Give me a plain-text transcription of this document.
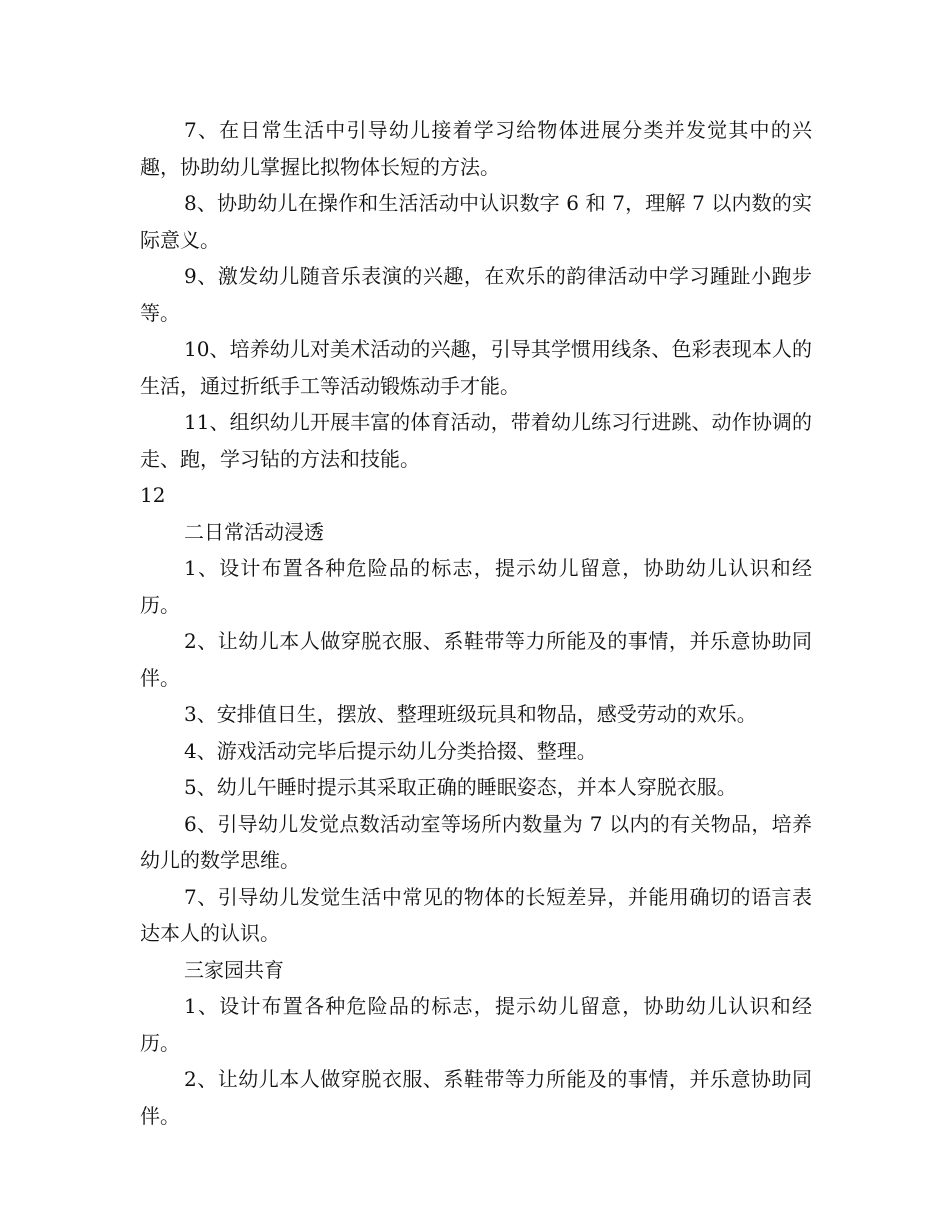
7、在日常生活中引导幼儿接着学习给物体进展分类并发觉其中的兴趣，协助幼儿掌握比拟物体长短的方法。

8、协助幼儿在操作和生活活动中认识数字 6 和 7，理解 7 以内数的实际意义。

9、激发幼儿随音乐表演的兴趣，在欢乐的韵律活动中学习踵趾小跑步等。

10、培养幼儿对美术活动的兴趣，引导其学惯用线条、色彩表现本人的生活，通过折纸手工等活动锻炼动手才能。

11、组织幼儿开展丰富的体育活动，带着幼儿练习行进跳、动作协调的走、跑，学习钻的方法和技能。

12

二日常活动浸透

1、设计布置各种危险品的标志，提示幼儿留意，协助幼儿认识和经历。

2、让幼儿本人做穿脱衣服、系鞋带等力所能及的事情，并乐意协助同伴。

3、安排值日生，摆放、整理班级玩具和物品，感受劳动的欢乐。

4、游戏活动完毕后提示幼儿分类拾掇、整理。

5、幼儿午睡时提示其采取正确的睡眠姿态，并本人穿脱衣服。

6、引导幼儿发觉点数活动室等场所内数量为 7 以内的有关物品，培养幼儿的数学思维。

7、引导幼儿发觉生活中常见的物体的长短差异，并能用确切的语言表达本人的认识。

三家园共育

1、设计布置各种危险品的标志，提示幼儿留意，协助幼儿认识和经历。

2、让幼儿本人做穿脱衣服、系鞋带等力所能及的事情，并乐意协助同伴。
